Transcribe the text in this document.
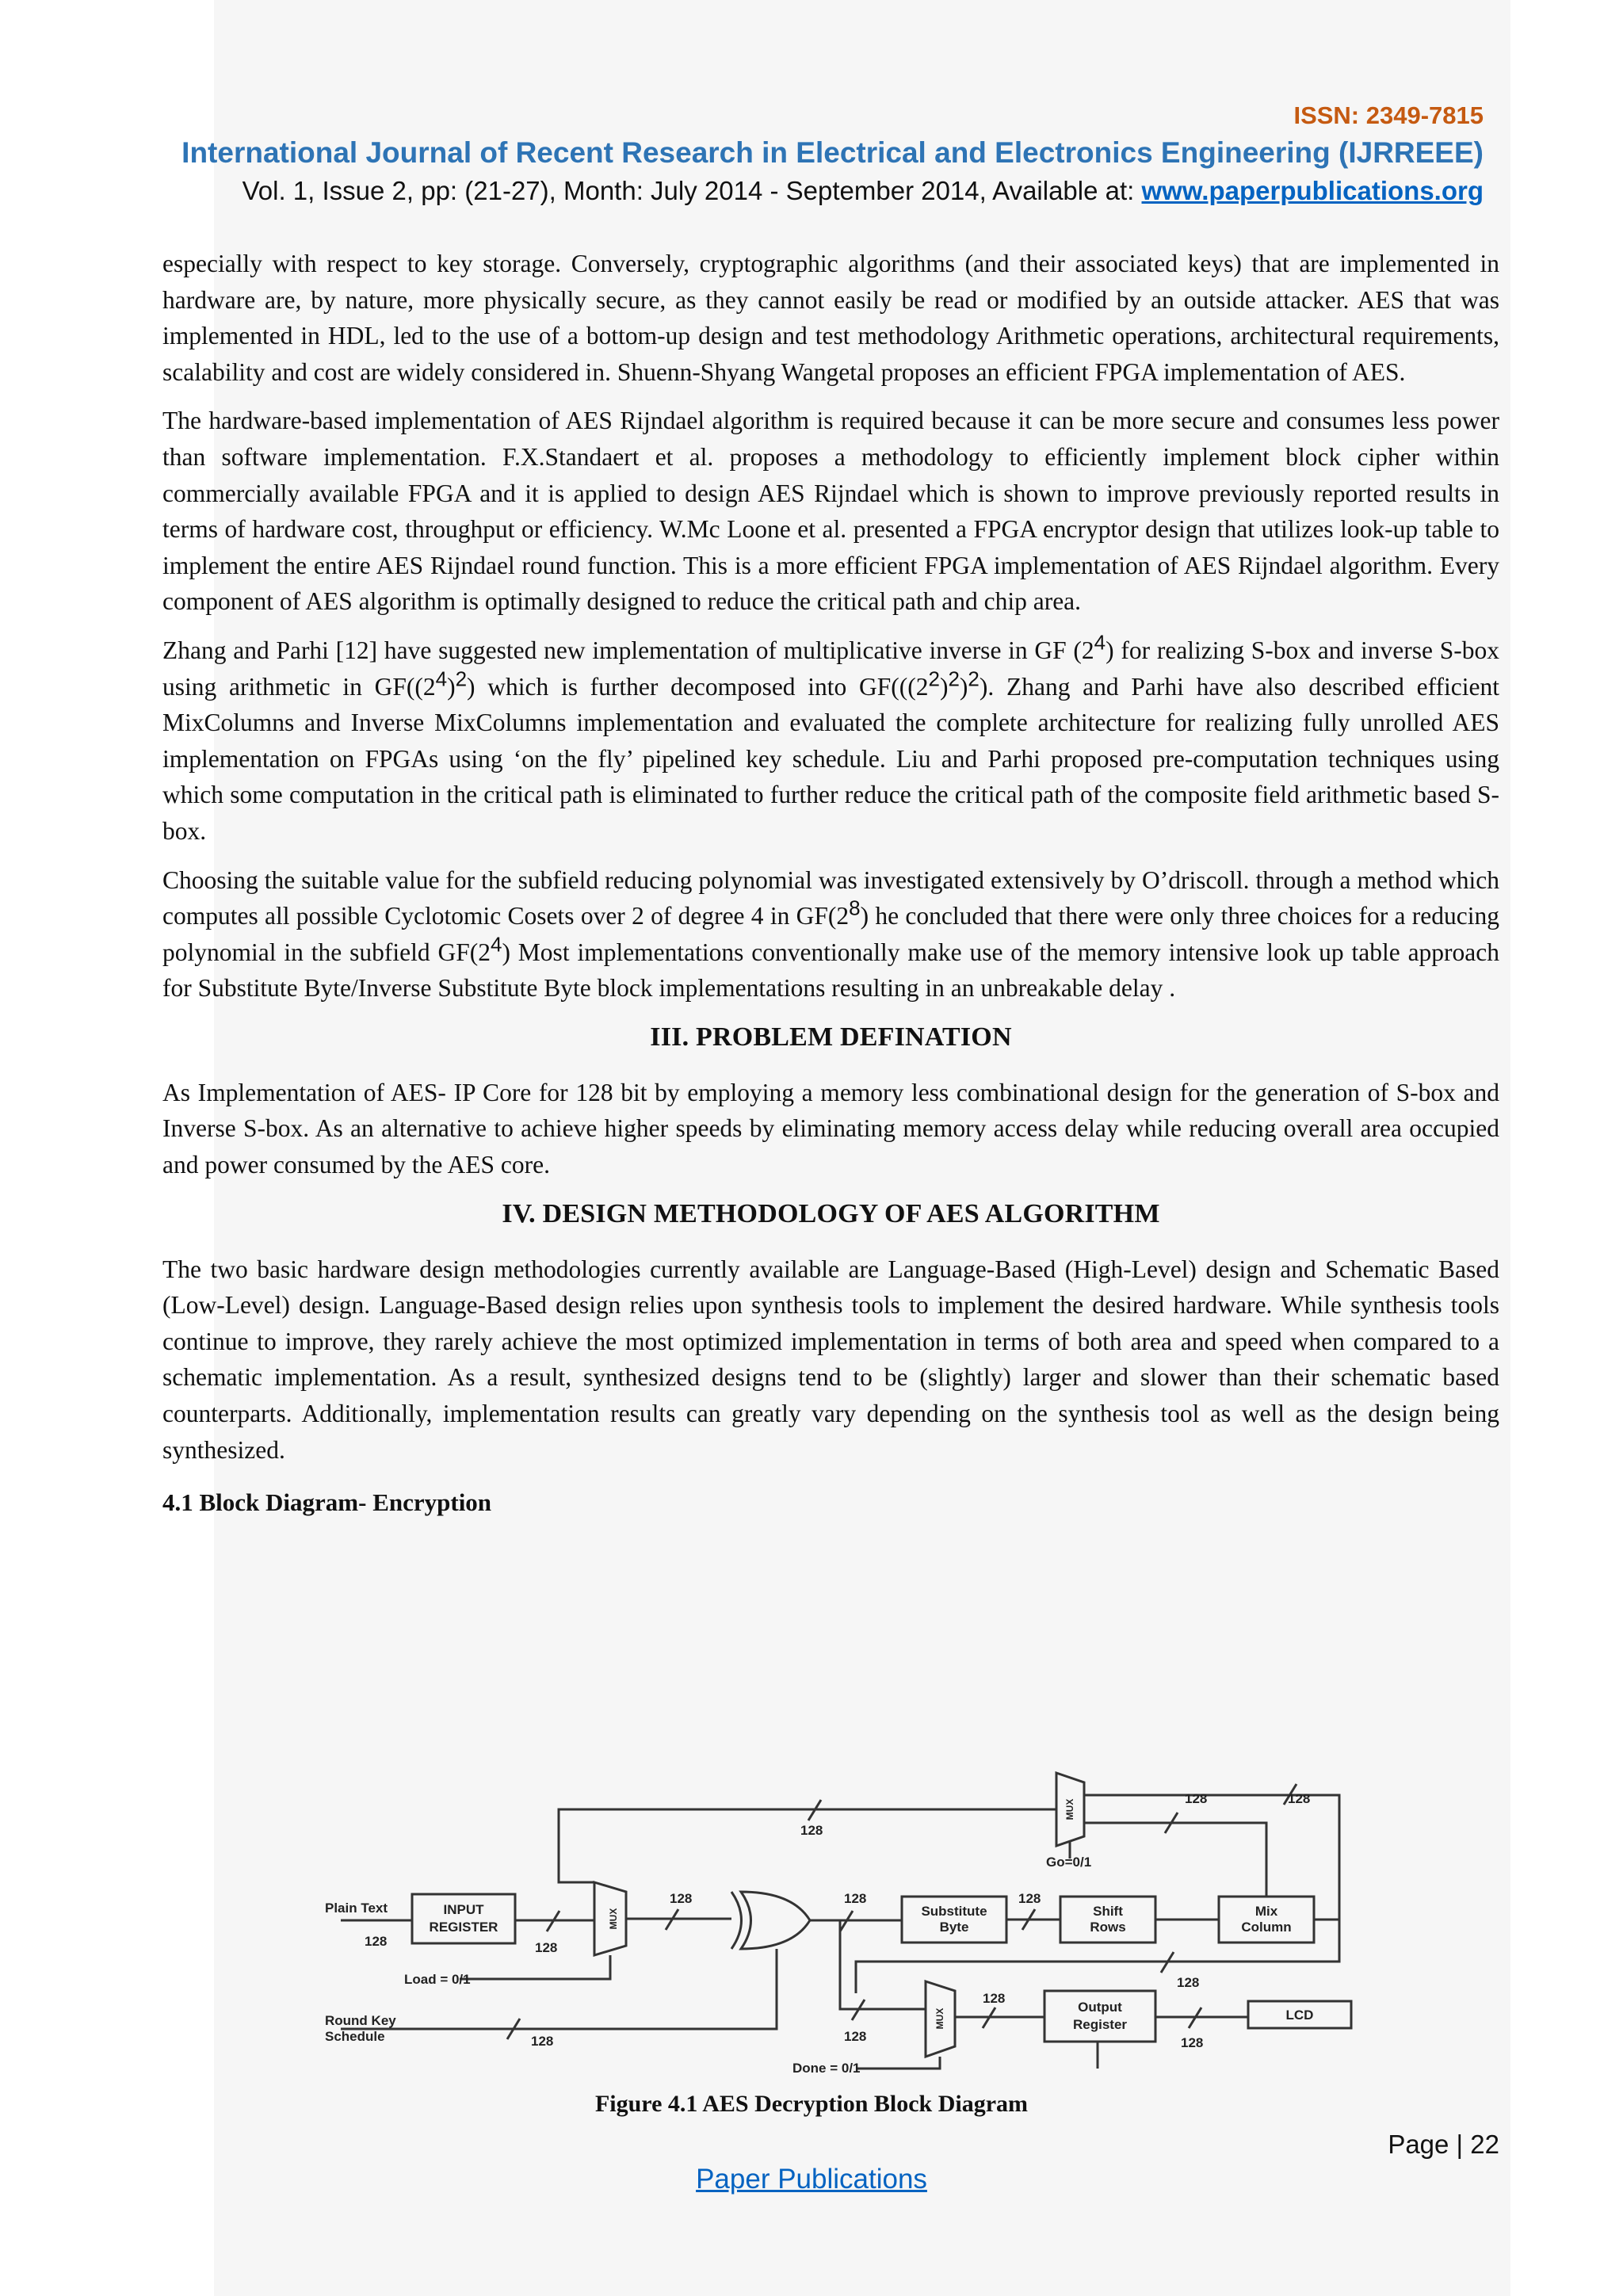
ISSN: 2349-7815
International Journal of Recent Research in Electrical and Electronics Engineering (IJRREEE)
Vol. 1, Issue 2, pp: (21-27), Month: July 2014 - September 2014, Available at: www.paperpublications.org

especially with respect to key storage. Conversely, cryptographic algorithms (and their associated keys) that are implemented in hardware are, by nature, more physically secure, as they cannot easily be read or modified by an outside attacker. AES that was implemented in HDL, led to the use of a bottom-up design and test methodology Arithmetic operations, architectural requirements, scalability and cost are widely considered in. Shuenn-Shyang Wangetal proposes an efficient FPGA implementation of AES.

The hardware-based implementation of AES Rijndael algorithm is required because it can be more secure and consumes less power than software implementation. F.X.Standaert et al. proposes a methodology to efficiently implement block cipher within commercially available FPGA and it is applied to design AES Rijndael which is shown to improve previously reported results in terms of hardware cost, throughput or efficiency. W.Mc Loone et al. presented a FPGA encryptor design that utilizes look-up table to implement the entire AES Rijndael round function. This is a more efficient FPGA implementation of AES Rijndael algorithm. Every component of AES algorithm is optimally designed to reduce the critical path and chip area.

Zhang and Parhi [12] have suggested new implementation of multiplicative inverse in GF $(2^4)$ for realizing S-box and inverse S-box using arithmetic in $GF((2^4)^2)$ which is further decomposed into $GF(((2^2)^2)^2)$. Zhang and Parhi have also described efficient MixColumns and Inverse MixColumns implementation and evaluated the complete architecture for realizing fully unrolled AES implementation on FPGAs using ‘on the fly’ pipelined key schedule. Liu and Parhi proposed pre-computation techniques using which some computation in the critical path is eliminated to further reduce the critical path of the composite field arithmetic based S-box.

Choosing the suitable value for the subfield reducing polynomial was investigated extensively by O’driscoll. through a method which computes all possible Cyclotomic Cosets over 2 of degree 4 in $GF(2^8)$ he concluded that there were only three choices for a reducing polynomial in the subfield $GF(2^4)$ Most implementations conventionally make use of the memory intensive look up table approach for Substitute Byte/Inverse Substitute Byte block implementations resulting in an unbreakable delay .

III. PROBLEM DEFINATION

As Implementation of AES- IP Core for 128 bit by employing a memory less combinational design for the generation of S-box and Inverse S-box. As an alternative to achieve higher speeds by eliminating memory access delay while reducing overall area occupied and power consumed by the AES core.

IV. DESIGN METHODOLOGY OF AES ALGORITHM

The two basic hardware design methodologies currently available are Language-Based (High-Level) design and Schematic Based (Low-Level) design. Language-Based design relies upon synthesis tools to implement the desired hardware. While synthesis tools continue to improve, they rarely achieve the most optimized implementation in terms of both area and speed when compared to a schematic implementation. As a result, synthesized designs tend to be (slightly) larger and slower than their schematic based counterparts. Additionally, implementation results can greatly vary depending on the synthesis tool as well as the design being synthesized.

4.1 Block Diagram- Encryption
Plain Text
128
INPUT
REGISTER
128
Load = 0/1
Round Key
Schedule	128
128	128	128
128
128	128
128
128
128
128
Go=0/1
Done = 0/1
Substitute
Byte
Shift
Rows
Mix
Column
Output
Register
LCD
MUX
MUX
MUX
Figure 4.1 AES Decryption Block Diagram
Page | 22
Paper Publications
